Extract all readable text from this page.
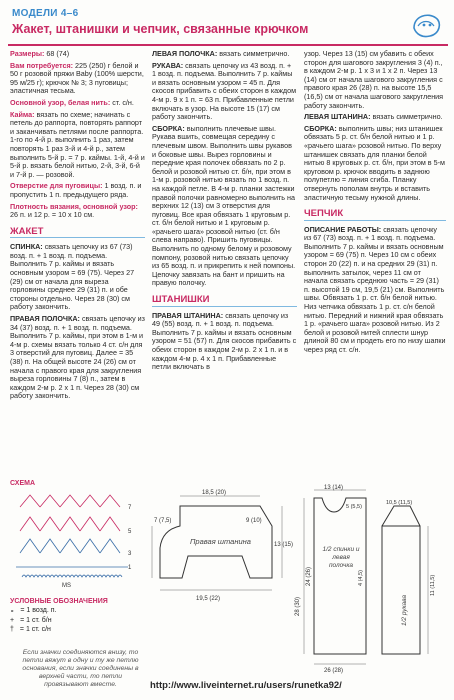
МОДЕЛИ 4–6
Жакет, штанишки и чепчик, связанные крючком

Размеры: 68 (74)

Вам потребуется: 225 (250) г белой и 50 г розовой пряжи Baby (100% шерсти, 95 м/25 г); крючок № 3; 3 пуговицы; эластичная тесьма.

Основной узор, белая нить: ст. с/н.

Кайма: вязать по схеме; начинать с петель до раппорта, повторять раппорт и заканчивать петлями после раппорта. 1-го по 4-й р. выполнить 1 раз, затем повторять 1 раз 3-й и 4-й р., затем выполнить 5-й р. = 7 р. каймы. 1-й, 4-й и 5-й р. вязать белой нитью, 2-й, 3-й, 6-й и 7-й р. — розовой.

Отверстие для пуговицы: 1 возд. п. и пропустить 1 п. предыдущего ряда.

Плотность вязания, основной узор: 26 п. и 12 р. = 10 х 10 см.

ЖАКЕТ

СПИНКА: связать цепочку из 67 (73) возд. п. + 1 возд. п. подъема. Выполнить 7 р. каймы и вязать основным узором = 69 (75). Через 27 (29) см от начала для выреза горловины среднее 29 (31) п. и обе стороны отдельно. Через 28 (30) см работу закончить.

ПРАВАЯ ПОЛОЧКА: связать цепочку из 34 (37) возд. п. + 1 возд. п. подъема. Выполнить 7 р. каймы, при этом в 1-м и 4-м р. схемы вязать только 4 ст. с/н для 3 отверстий для пуговиц. Далее = 35 (38) п. На общей высоте 24 (26) см от начала с правого края для закругления выреза горловины 7 (8) п., затем в каждом 2-м р. 2 х 1 п. Через 28 (30) см работу закончить.

СХЕМА
7
5
3
1
MS
УСЛОВНЫЕ ОБОЗНАЧЕНИЯ
∘ = 1 возд. п.
+ = 1 ст. б/н
† = 1 ст. с/н
Если значки соединяются внизу, то петли вяжут в одну и ту же петлю основания, если значки соединены в верхней части, то петли провязывают вместе.

ЛЕВАЯ ПОЛОЧКА: вязать симметрично.

РУКАВА: связать цепочку из 43 возд. п. + 1 возд. п. подъема. Выполнить 7 р. каймы и вязать основным узором = 45 п. Для скосов прибавить с обеих сторон в каждом 4-м р. 9 х 1 п. = 63 п. Прибавленные петли включать в узор. На высоте 15 (17) см работу закончить.

СБОРКА: выполнить плечевые швы. Рукава вшить, совмещая середину с плечевым швом. Выполнить швы рукавов и боковые швы. Вырез горловины и передние края полочек обвязать по 2 р. белой и розовой нитью ст. б/н, при этом в 1-м р. розовой нитью вязать по 1 возд. п. на каждой петле. В 4-м р. планки застежки правой полочки равномерно выполнить на верхних 12 (13) см 3 отверстия для пуговиц. Все края обвязать 1 круговым р. ст. б/н белой нитью и 1 круговым р. «рачьего шага» розовой нитью (ст. б/н слева направо). Пришить пуговицы. Выполнить по одному белому и розовому помпону, розовой нитью связать цепочку из 65 возд. п. и прикрепить к ней помпоны. Цепочку завязать на бант и пришить на правую полочку.

ШТАНИШКИ

ПРАВАЯ ШТАНИНА: связать цепочку из 49 (55) возд. п. + 1 возд. п. подъема. Выполнить 7 р. каймы и вязать основным узором = 51 (57) п. Для скосов прибавить с обеих сторон в каждом 2-м р. 2 х 1 п. и в каждом 4-м р. 4 х 1 п. Прибавленные петли включать в

узор. Через 13 (15) см убавить с обеих сторон для шагового закругления 3 (4) п., в каждом 2-м р. 1 х 3 и 1 х 2 п. Через 13 (14) см от начала шагового закругления с правого края 26 (28) п. на высоте 15,5 (16,5) см от начала шагового закругления работу закончить.

ЛЕВАЯ ШТАНИНА: вязать симметрично.

СБОРКА: выполнить швы; низ штанишек обвязать 5 р. ст. б/н белой нитью и 1 р. «рачьего шага» розовой нитью. По верху штанишек связать для планки белой нитью 8 круговых р. ст. б/н, при этом в 5-м круговом р. крючок вводить в заднюю полупетлю = линия сгиба. Планку отвернуть пополам внутрь и вставить эластичную тесьму нужной длины.

ЧЕПЧИК

ОПИСАНИЕ РАБОТЫ: связать цепочку из 67 (73) возд. п. + 1 возд. п. подъема. Выполнить 7 р. каймы и вязать основным узором = 69 (75) п. Через 10 см с обеих сторон 20 (22) п. и на средних 29 (31) п. выполнить затылок, через 11 см от начала связать среднюю часть = 29 (31) п. высотой 19 см, 19,5 (21) см. Выполнить швы. Обвязать 1 р. ст. б/н белой нитью. Низ чепчика обвязать 1 р. ст. с/н белой нитью. Передний и нижний края обвязать 1 р. «рачьего шага» розовой нитью. Из 2 белой и розовой нитей сплести шнур длиной 80 см и продеть его по низу шапки через ряд ст. с/н.

18,5 (20)
7 (7,5)	9 (10)
13 (15)
19,5 (22)
Правая штанина
13 (14)
5 (5,5)
10,5 (11,5)
11 (11,5)
24 (26)
28 (30)
26 (28)
4 (4,5)
1/2 спинки и левая полочка
1/2 рукава
http://www.liveinternet.ru/users/runetka92/
